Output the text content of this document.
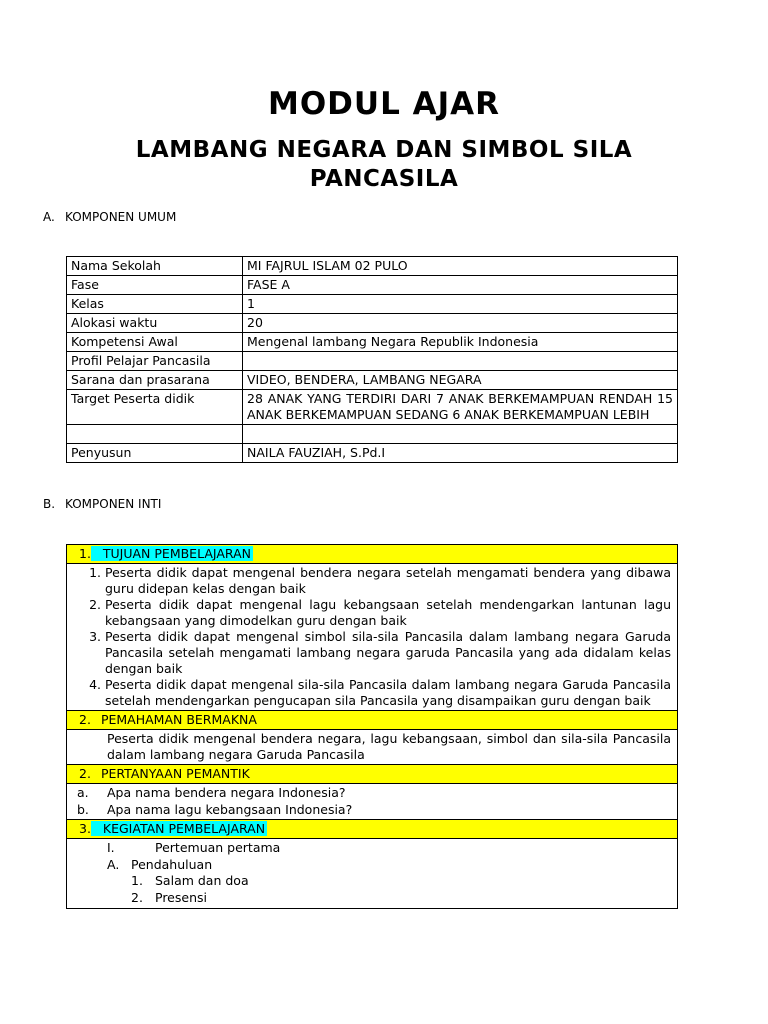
MODUL AJAR
LAMBANG NEGARA DAN SIMBOL SILA
PANCASILA
A. KOMPONEN UMUM
Nama Sekolah	MI FAJRUL ISLAM 02 PULO
Fase	FASE A
Kelas	1
Alokasi waktu	20
Kompetensi Awal	Mengenal lambang Negara Republik Indonesia
Profil Pelajar Pancasila	
Sarana dan prasarana	VIDEO, BENDERA, LAMBANG NEGARA
Target Peserta didik	28 ANAK YANG TERDIRI DARI 7 ANAK BERKEMAMPUAN RENDAH 15 ANAK BERKEMAMPUAN SEDANG 6 ANAK BERKEMAMPUAN LEBIH

Penyusun	NAILA FAUZIAH, S.Pd.I
B. KOMPONEN INTI
1. TUJUAN PEMBELAJARAN

1. Peserta didik dapat mengenal bendera negara setelah mengamati bendera yang dibawa guru didepan kelas dengan baik
2. Peserta didik dapat mengenal lagu kebangsaan setelah mendengarkan lantunan lagu kebangsaan yang dimodelkan guru dengan baik
3. Peserta didik dapat mengenal simbol sila-sila Pancasila dalam lambang negara Garuda Pancasila setelah mengamati lambang negara garuda Pancasila yang ada didalam kelas dengan baik
4. Peserta didik dapat mengenal sila-sila Pancasila dalam lambang negara Garuda Pancasila setelah mendengarkan pengucapan sila Pancasila yang disampaikan guru dengan baik

2. PEMAHAMAN BERMAKNA

Peserta didik mengenal bendera negara, lagu kebangsaan, simbol dan sila-sila Pancasila dalam lambang negara Garuda Pancasila

2. PERTANYAAN PEMANTIK

a.	Apa nama bendera negara Indonesia?
b.	Apa nama lagu kebangsaan Indonesia?

3. KEGIATAN PEMBELAJARAN

I.	Pertemuan pertama
A. Pendahuluan
1. Salam dan doa
2. Presensi
